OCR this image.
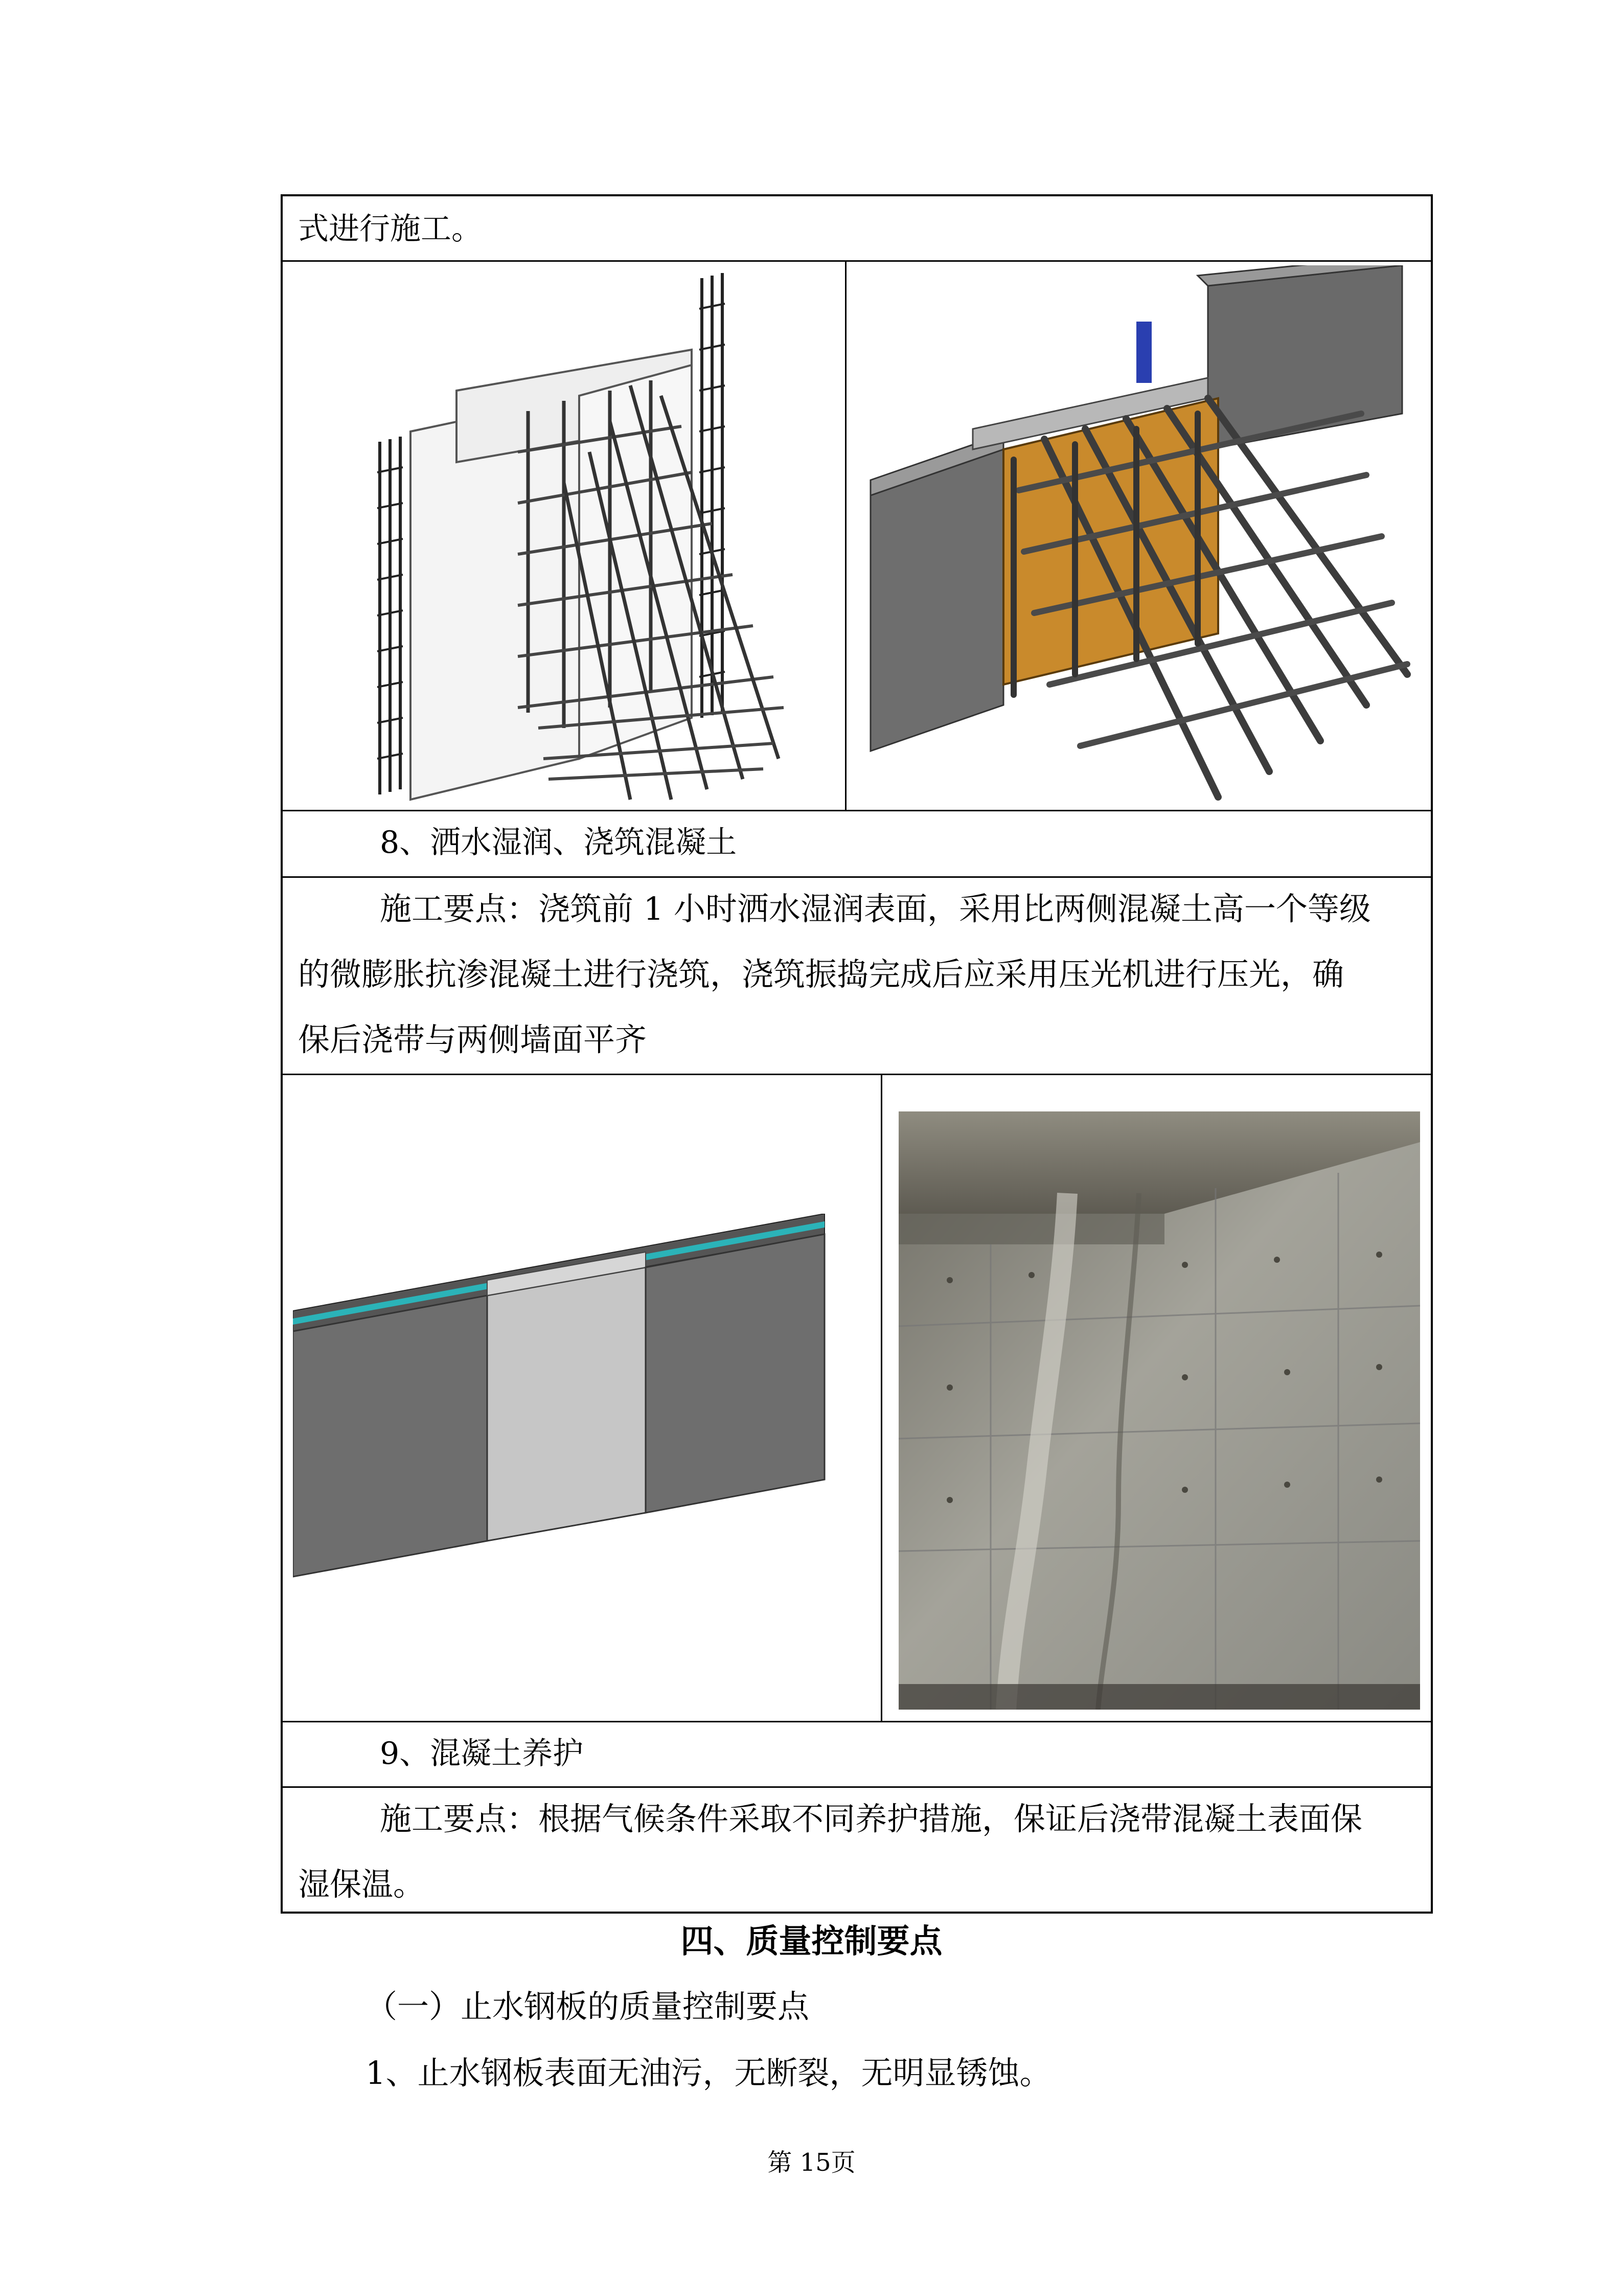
式进行施工。
8、洒水湿润、浇筑混凝土
施工要点：浇筑前 1 小时洒水湿润表面，采用比两侧混凝土高一个等级
的微膨胀抗渗混凝土进行浇筑，浇筑振捣完成后应采用压光机进行压光，确
保后浇带与两侧墙面平齐
9、混凝土养护
施工要点：根据气候条件采取不同养护措施，保证后浇带混凝土表面保
湿保温。
四、质量控制要点
（一）止水钢板的质量控制要点
1、止水钢板表面无油污，无断裂，无明显锈蚀。
第 15页
